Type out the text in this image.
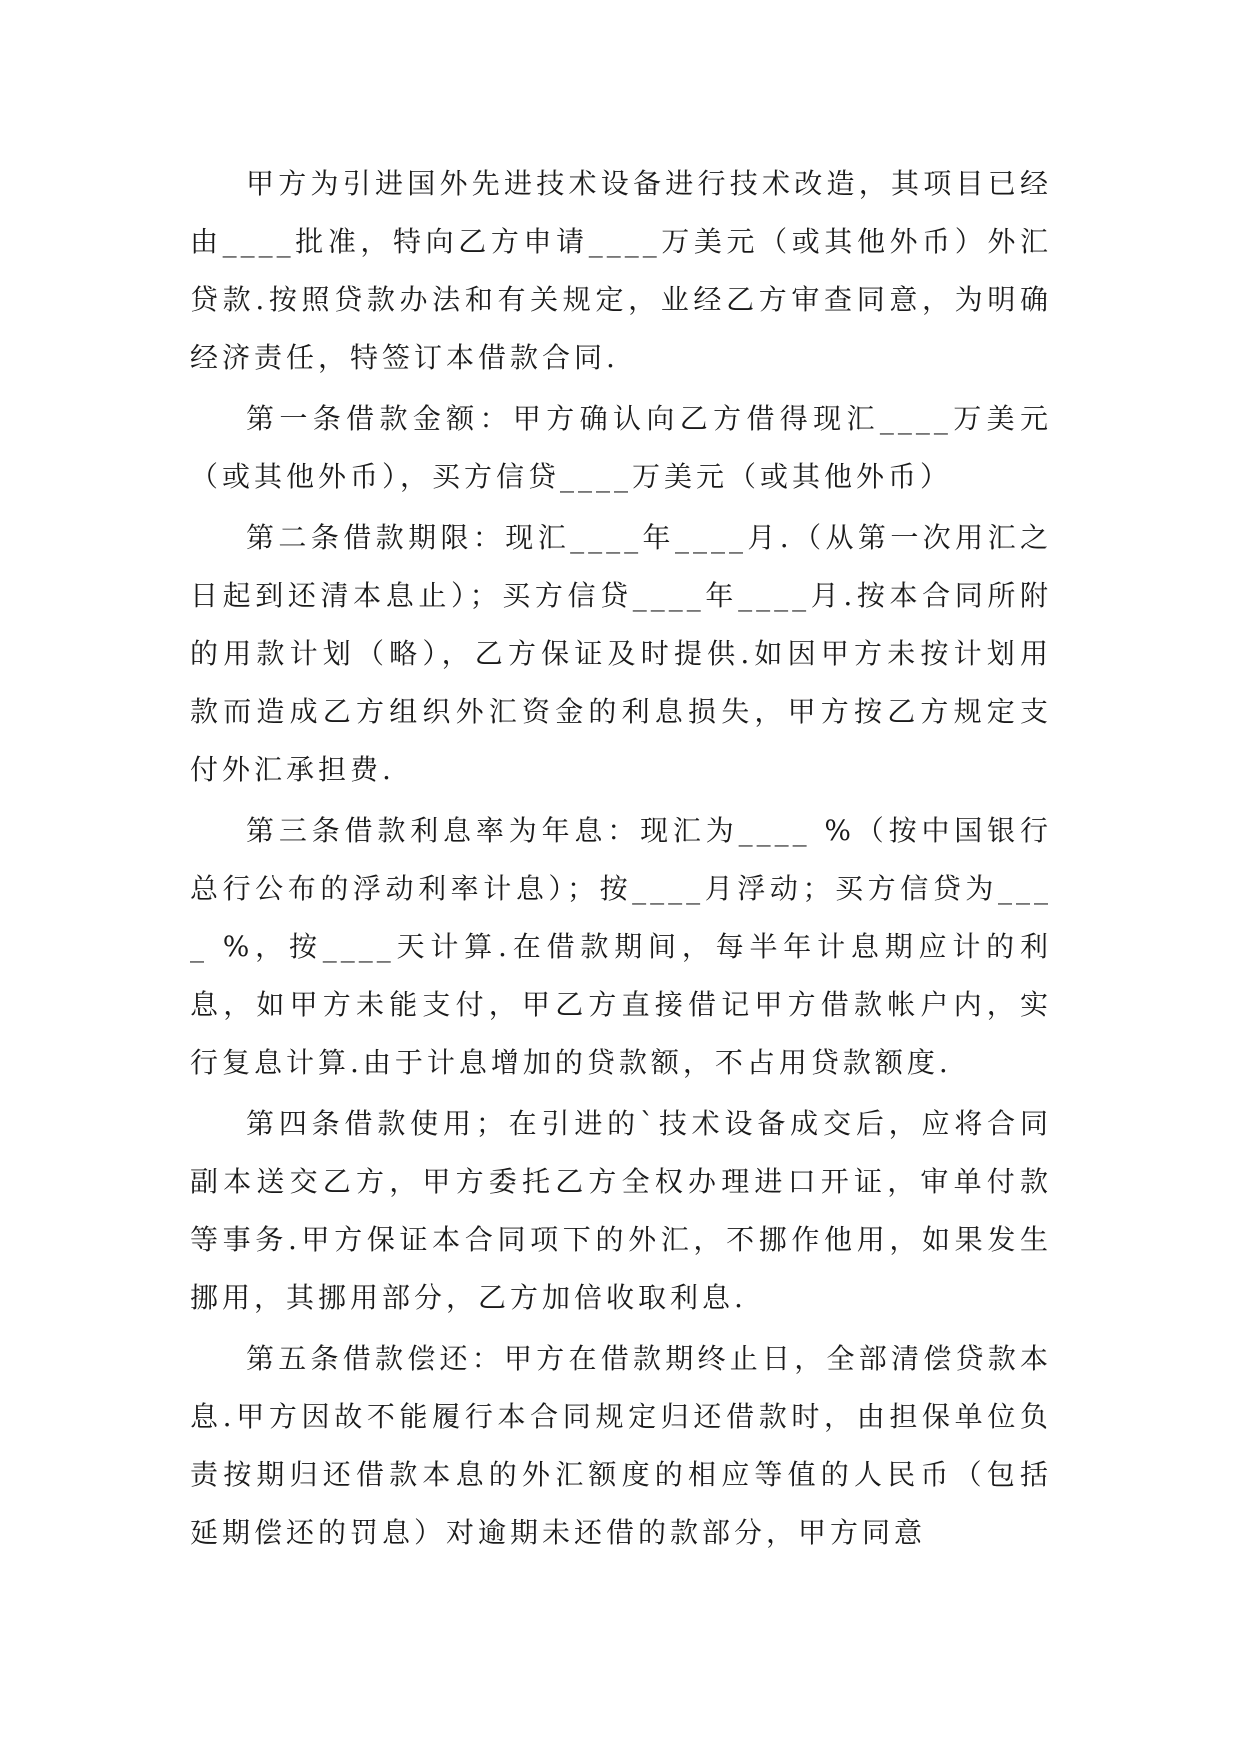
甲方为引进国外先进技术设备进行技术改造，其项目已经由____批准，特向乙方申请____万美元（或其他外币）外汇贷款.按照贷款办法和有关规定，业经乙方审查同意，为明确经济责任，特签订本借款合同.

第一条借款金额：甲方确认向乙方借得现汇____万美元（或其他外币），买方信贷____万美元（或其他外币）

第二条借款期限：现汇____年____月.（从第一次用汇之日起到还清本息止）；买方信贷____年____月.按本合同所附的用款计划（略），乙方保证及时提供.如因甲方未按计划用款而造成乙方组织外汇资金的利息损失，甲方按乙方规定支付外汇承担费.

第三条借款利息率为年息：现汇为____ %（按中国银行总行公布的浮动利率计息）；按____月浮动；买方信贷为____ %，按____天计算.在借款期间，每半年计息期应计的利息，如甲方未能支付，甲乙方直接借记甲方借款帐户内，实行复息计算.由于计息增加的贷款额，不占用贷款额度.

第四条借款使用；在引进的`技术设备成交后，应将合同副本送交乙方，甲方委托乙方全权办理进口开证，审单付款等事务.甲方保证本合同项下的外汇，不挪作他用，如果发生挪用，其挪用部分，乙方加倍收取利息.

第五条借款偿还：甲方在借款期终止日，全部清偿贷款本息.甲方因故不能履行本合同规定归还借款时，由担保单位负责按期归还借款本息的外汇额度的相应等值的人民币（包括延期偿还的罚息）对逾期未还借的款部分，甲方同意
